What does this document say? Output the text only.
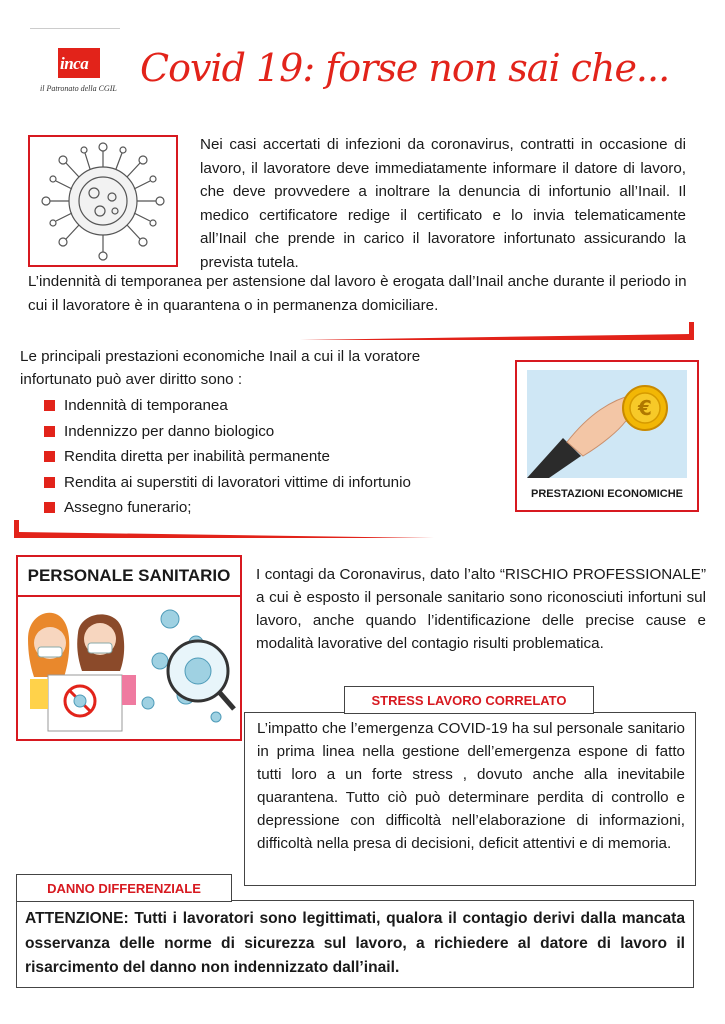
inca
il Patronato della CGIL Covid 19: forse non sai che...
Nei casi accertati di infezioni da coronavirus, contratti in occasione di lavoro, il lavoratore deve immediatamente informare il datore di lavoro, che deve provvedere a inoltrare la denuncia di infortunio all’Inail. Il medico certificatore redige il certificato e lo invia telematicamente all’Inail che prende in carico il lavoratore infortunato assicurando la prevista tutela.
L’indennità di temporanea per astensione dal lavoro è erogata dall’Inail anche durante il periodo in cui il lavoratore è in quarantena o in permanenza domiciliare.
Le principali prestazioni economiche Inail a cui il la voratore infortunato può aver diritto sono :
Indennità di temporanea
Indennizzo per danno biologico
Rendita diretta per inabilità permanente
Rendita ai superstiti di lavoratori vittime di infortunio
Assegno funerario;
€
PRESTAZIONI ECONOMICHE
PERSONALE SANITARIO	I contagi da Coronavirus, dato l’alto “RISCHIO PROFESSIONALE” a cui è esposto il personale sanitario sono riconosciuti infortuni sul lavoro, anche quando l’identificazione delle precise cause e modalità lavorative del contagio risulti problematica.
L’impatto che l’emergenza COVID-19 ha sul personale sanitario in prima linea nella gestione dell’emergenza espone di fatto tutti loro a un forte stress , dovuto anche alla inevitabile quarantena. Tutto ciò può determinare perdita di controllo e depressione con difficoltà nell’elaborazione di informazioni, difficoltà nella presa di decisioni, deficit attentivi e di memoria.
STRESS LAVORO CORRELATO
ATTENZIONE: Tutti i lavoratori sono legittimati, qualora il contagio derivi dalla mancata osservanza delle norme di sicurezza sul lavoro, a richiedere al datore di lavoro il risarcimento del danno non indennizzato dall’inail.
DANNO DIFFERENZIALE
